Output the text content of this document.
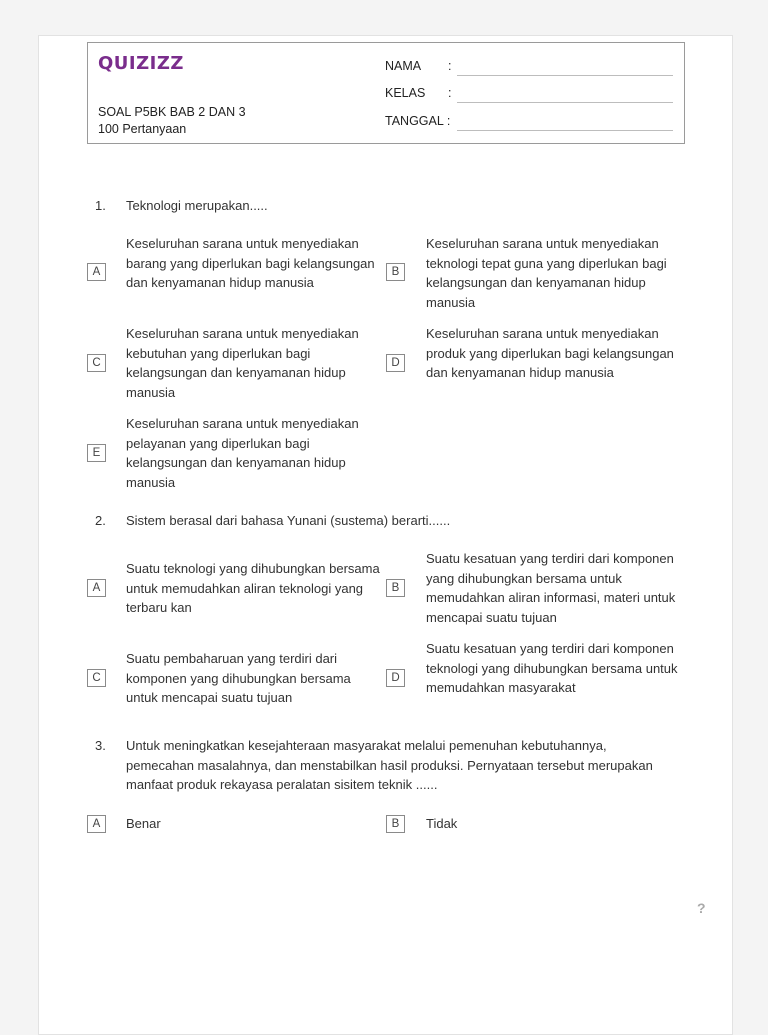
QUIZIZZ
SOAL P5BK BAB 2 DAN 3
100 Pertanyaan
NAMA :
KELAS :
TANGGAL :
1. Teknologi merupakan.....
A
Keseluruhan sarana untuk menyediakan barang yang diperlukan bagi kelangsungan dan kenyamanan hidup manusia
B
Keseluruhan sarana untuk menyediakan teknologi tepat guna yang diperlukan bagi kelangsungan dan kenyamanan hidup manusia
C
Keseluruhan sarana untuk menyediakan kebutuhan yang diperlukan bagi kelangsungan dan kenyamanan hidup manusia
D
Keseluruhan sarana untuk menyediakan produk yang diperlukan bagi kelangsungan dan kenyamanan hidup manusia
E
Keseluruhan sarana untuk menyediakan pelayanan yang diperlukan bagi kelangsungan dan kenyamanan hidup manusia
2. Sistem berasal dari bahasa Yunani (sustema) berarti......
A
Suatu teknologi yang dihubungkan bersama untuk memudahkan aliran teknologi yang terbaru kan
B
Suatu kesatuan yang terdiri dari komponen yang dihubungkan bersama untuk memudahkan aliran informasi, materi untuk mencapai suatu tujuan
C
Suatu pembaharuan yang terdiri dari komponen yang dihubungkan bersama untuk mencapai suatu tujuan
D
Suatu kesatuan yang terdiri dari komponen teknologi yang dihubungkan bersama untuk memudahkan masyarakat
3. Untuk meningkatkan kesejahteraan masyarakat melalui pemenuhan kebutuhannya, pemecahan masalahnya, dan menstabilkan hasil produksi. Pernyataan tersebut merupakan manfaat produk rekayasa peralatan sisitem teknik ......
A	Benar	B	Tidak
?
